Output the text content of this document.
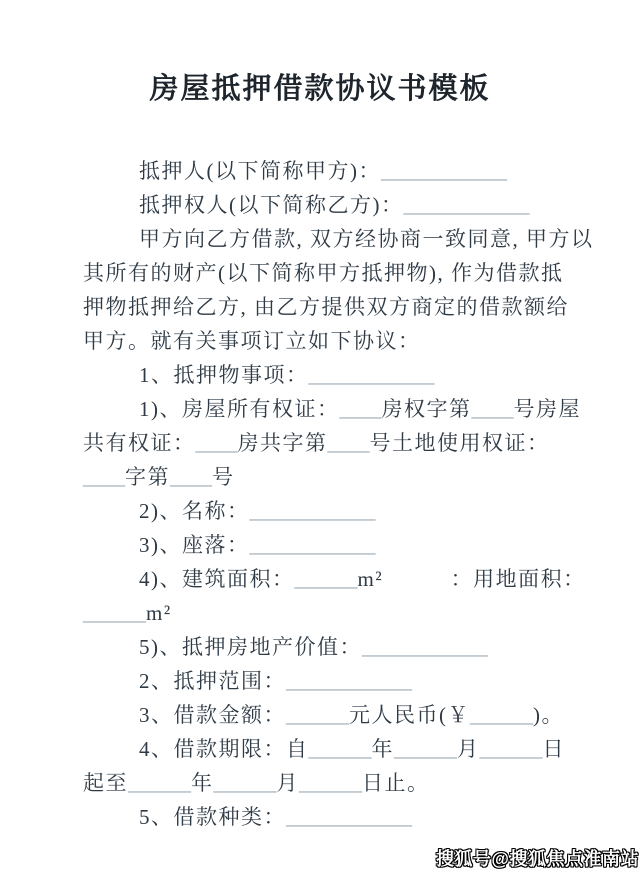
房屋抵押借款协议书模板
抵押人(以下简称甲方)：____________
抵押权人(以下简称乙方)：____________
甲方向乙方借款, 双方经协商一致同意, 甲方以
其所有的财产(以下简称甲方抵押物), 作为借款抵
押物抵押给乙方, 由乙方提供双方商定的借款额给
甲方。就有关事项订立如下协议：
1、抵押物事项：____________
1)、房屋所有权证：____房权字第____号房屋
共有权证：____房共字第____号土地使用权证：
____字第____号
2)、名称：____________
3)、座落：____________
4)、建筑面积：______m²　　　：用地面积：
______m²
5)、抵押房地产价值：____________
2、抵押范围：____________
3、借款金额：______元人民币(￥______)。
4、借款期限：自______年______月______日
起至______年______月______日止。
5、借款种类：____________
搜狐号@搜狐焦点淮南站
